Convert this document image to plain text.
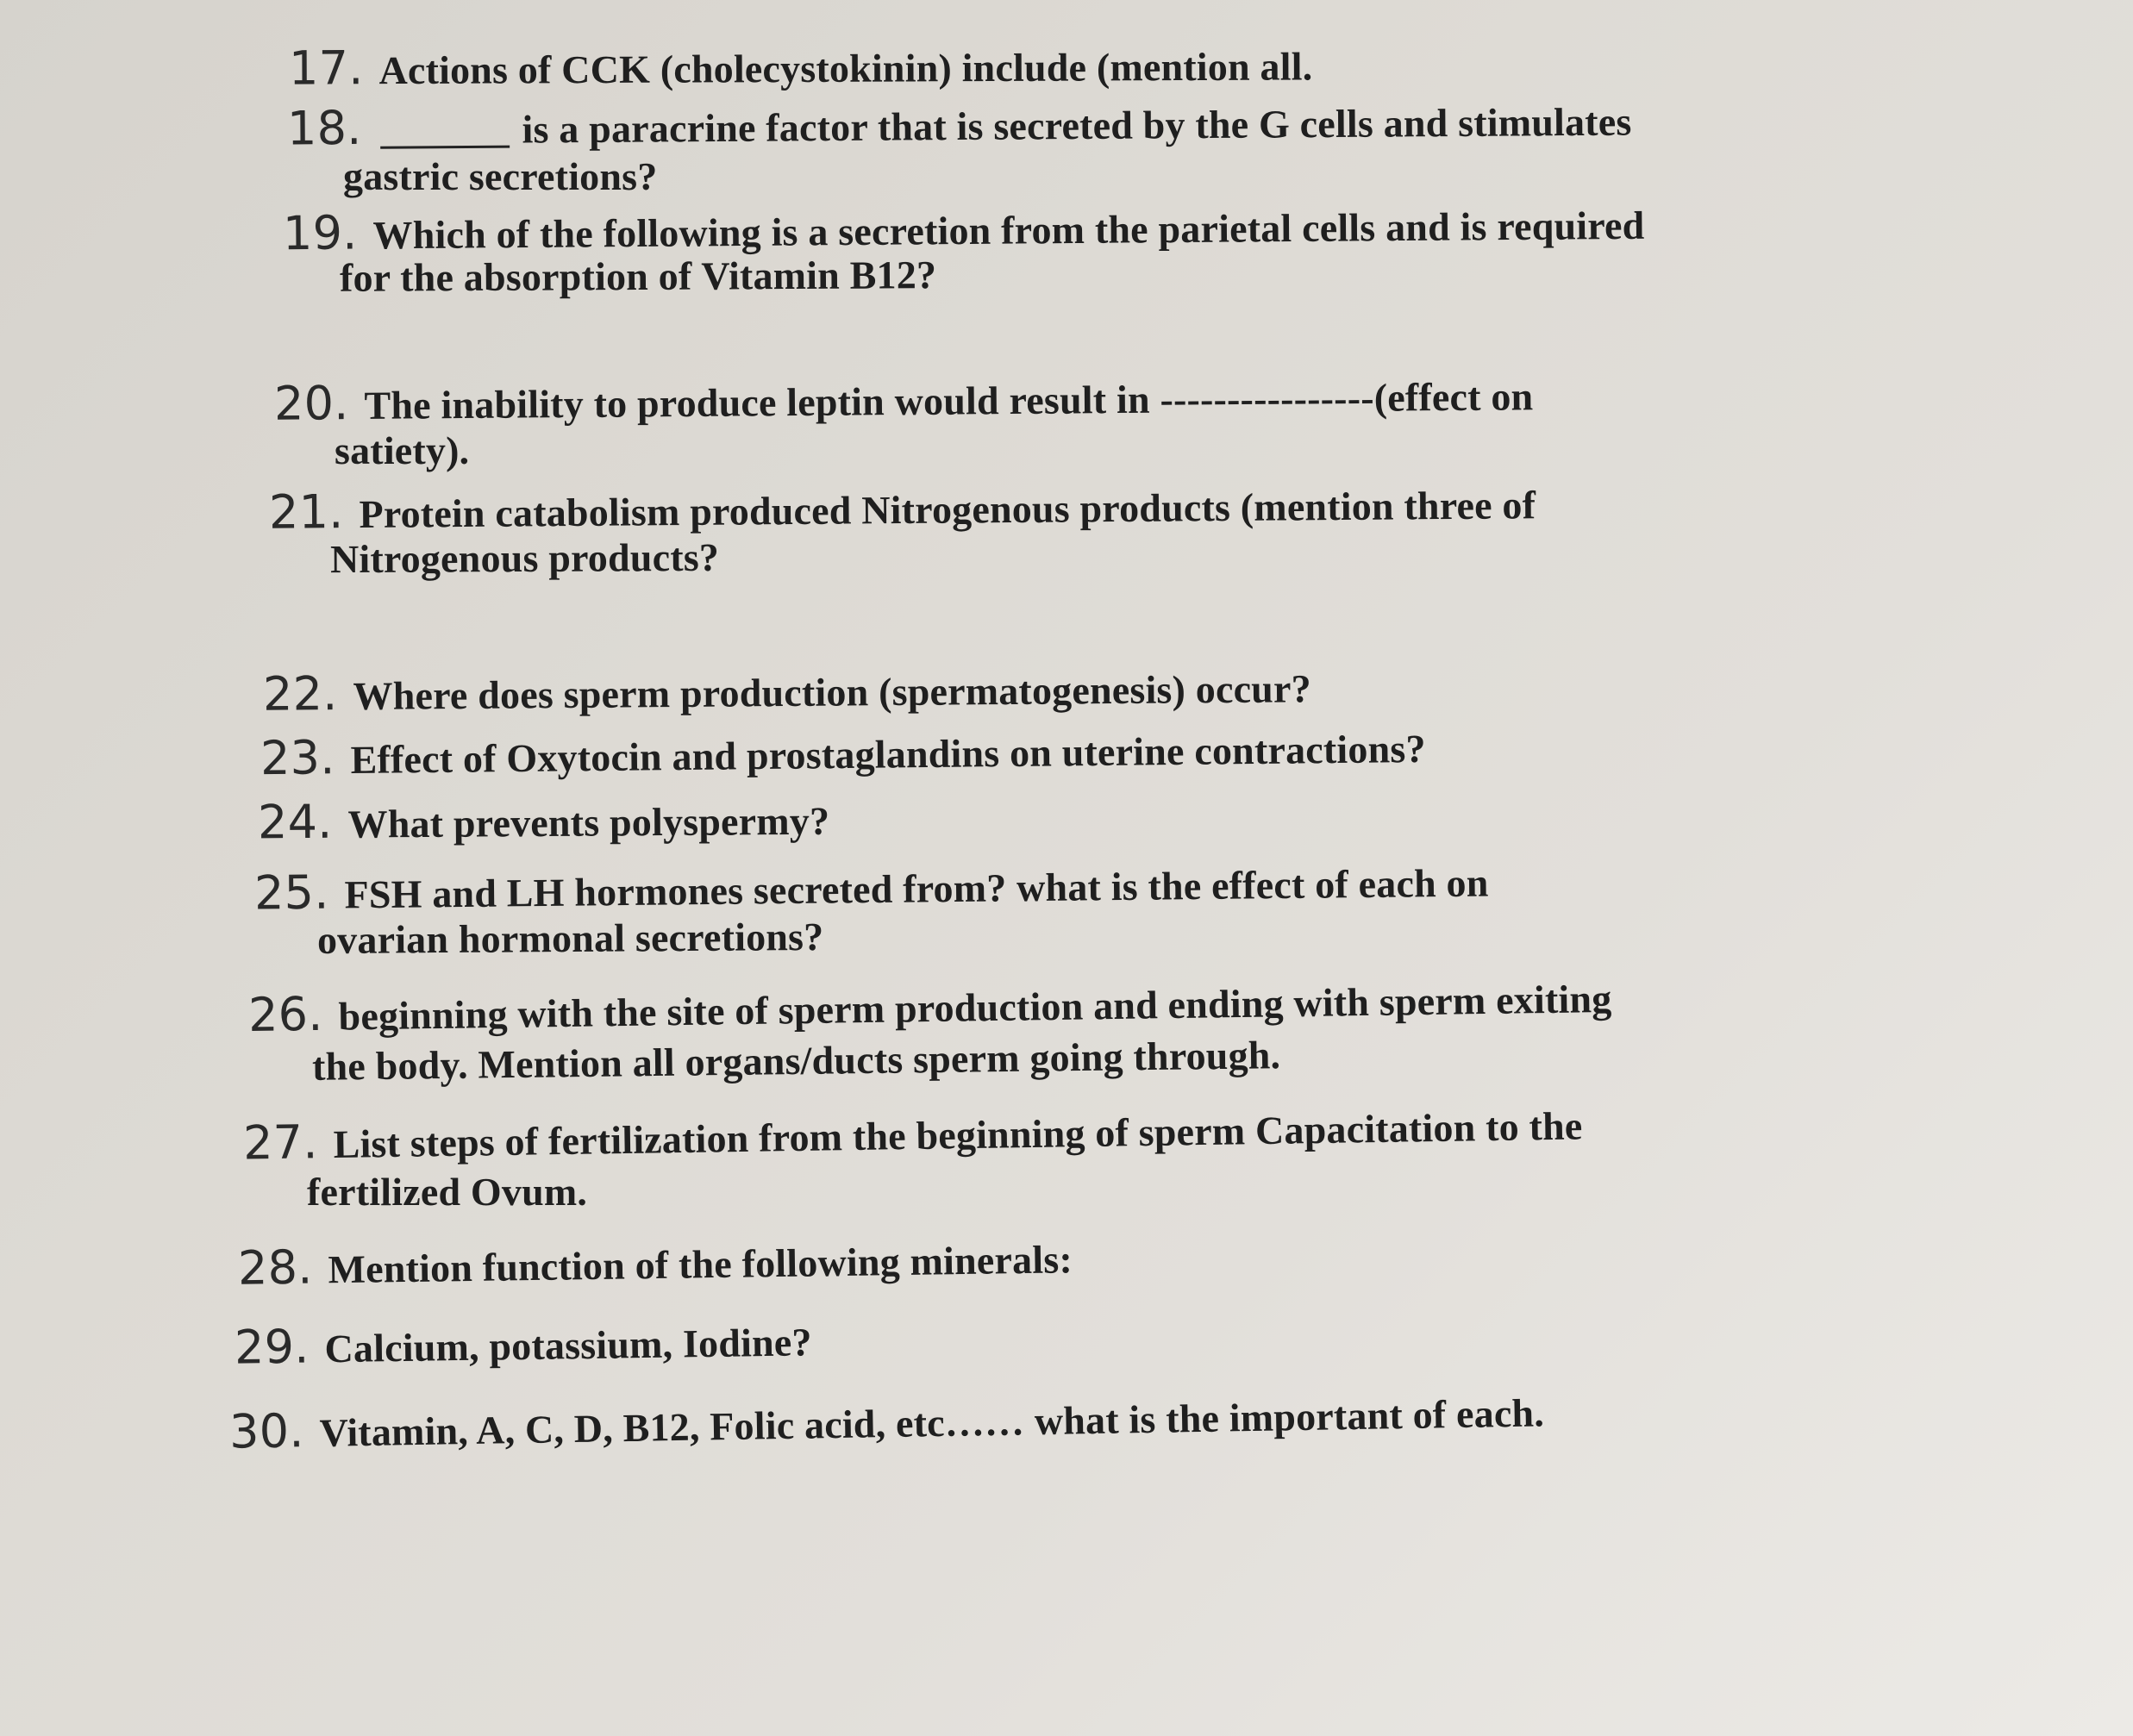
17. Actions of CCK (cholecystokinin) include (mention all.
18.	is a paracrine factor that is secreted by the G cells and stimulates
gastric secretions?
19. Which of the following is a secretion from the parietal cells and is required
for the absorption of Vitamin B12?
20. The inability to produce leptin would result in ----------------(effect on
satiety).
21. Protein catabolism produced Nitrogenous products (mention three of
Nitrogenous products?
22. Where does sperm production (spermatogenesis) occur?
23. Effect of Oxytocin and prostaglandins on uterine contractions?
24. What prevents polyspermy?
25. FSH and LH hormones secreted from? what is the effect of each on
ovarian hormonal secretions?
26. beginning with the site of sperm production and ending with sperm exiting
the body. Mention all organs/ducts sperm going through.
27. List steps of fertilization from the beginning of sperm Capacitation to the
fertilized Ovum.
28. Mention function of the following minerals:
29. Calcium, potassium, Iodine?
30. Vitamin, A, C, D, B12, Folic acid, etc…… what is the important of each.
